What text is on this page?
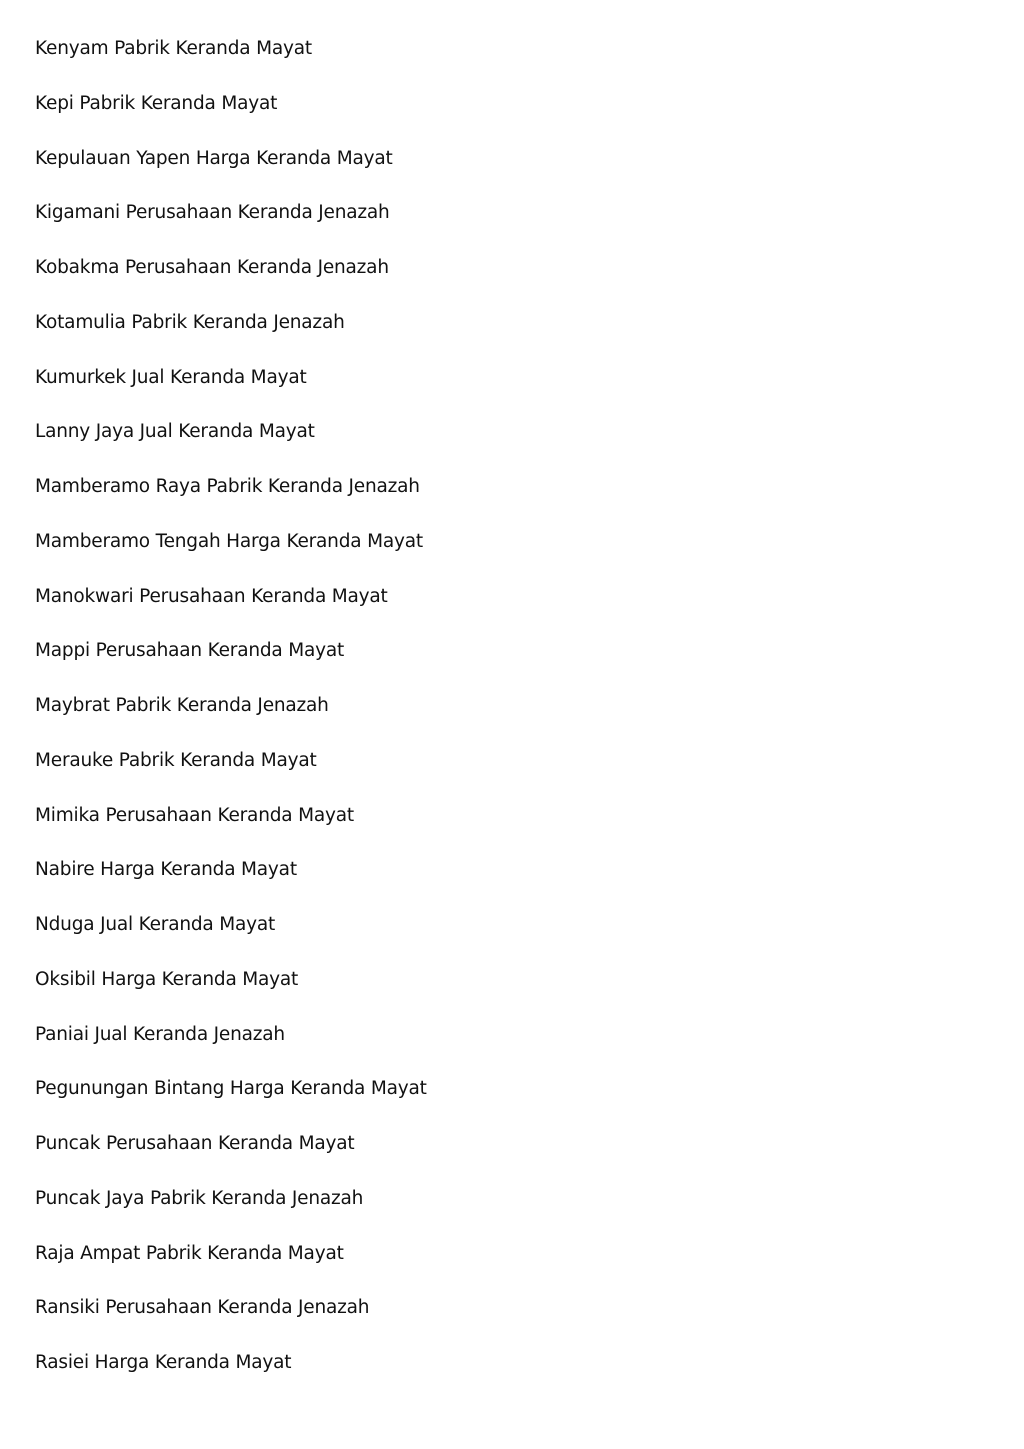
Kenyam Pabrik Keranda Mayat
Kepi Pabrik Keranda Mayat
Kepulauan Yapen Harga Keranda Mayat
Kigamani Perusahaan Keranda Jenazah
Kobakma Perusahaan Keranda Jenazah
Kotamulia Pabrik Keranda Jenazah
Kumurkek Jual Keranda Mayat
Lanny Jaya Jual Keranda Mayat
Mamberamo Raya Pabrik Keranda Jenazah
Mamberamo Tengah Harga Keranda Mayat
Manokwari Perusahaan Keranda Mayat
Mappi Perusahaan Keranda Mayat
Maybrat Pabrik Keranda Jenazah
Merauke Pabrik Keranda Mayat
Mimika Perusahaan Keranda Mayat
Nabire Harga Keranda Mayat
Nduga Jual Keranda Mayat
Oksibil Harga Keranda Mayat
Paniai Jual Keranda Jenazah
Pegunungan Bintang Harga Keranda Mayat
Puncak Perusahaan Keranda Mayat
Puncak Jaya Pabrik Keranda Jenazah
Raja Ampat Pabrik Keranda Mayat
Ransiki Perusahaan Keranda Jenazah
Rasiei Harga Keranda Mayat
